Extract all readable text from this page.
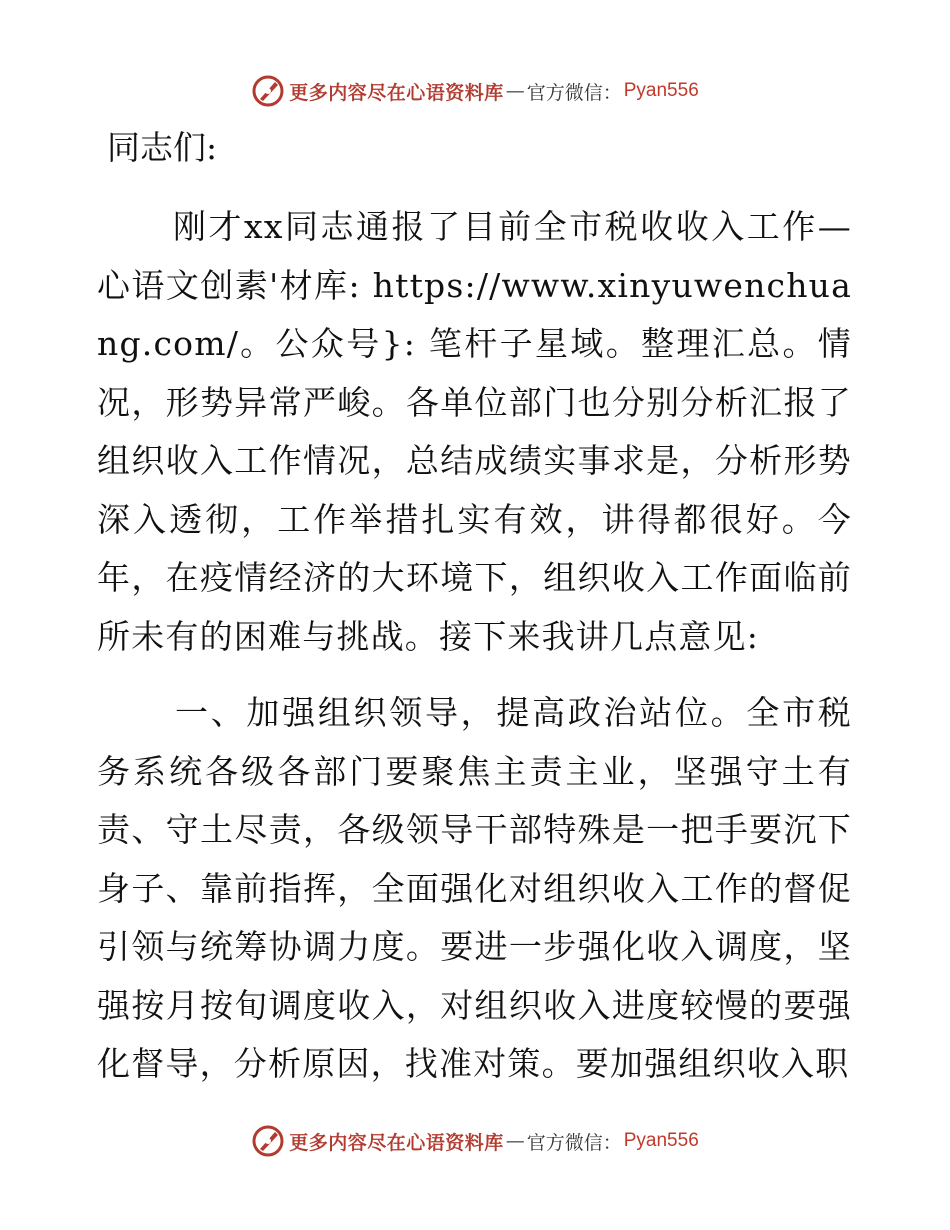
更多内容尽在心语资料库 — 官方微信： Pyan556

同志们:

刚才xx同志通报了目前全市税收收入工作—心语文创素'材库: https://www.xinyuwenchuang.com/。公众号}: 笔杆子星域。整理汇总。情况，形势异常严峻。各单位部门也分别分析汇报了组织收入工作情况，总结成绩实事求是，分析形势深入透彻，工作举措扎实有效，讲得都很好。今年，在疫情经济的大环境下，组织收入工作面临前所未有的困难与挑战。接下来我讲几点意见:

一、加强组织领导，提高政治站位。全市税务系统各级各部门要聚焦主责主业，坚强守土有责、守土尽责，各级领导干部特殊是一把手要沉下身子、靠前指挥，全面强化对组织收入工作的督促引领与统筹协调力度。要进一步强化收入调度，坚强按月按旬调度收入，对组织收入进度较慢的要强化督导，分析原因，找准对策。要加强组织收入职

更多内容尽在心语资料库 — 官方微信： Pyan556
